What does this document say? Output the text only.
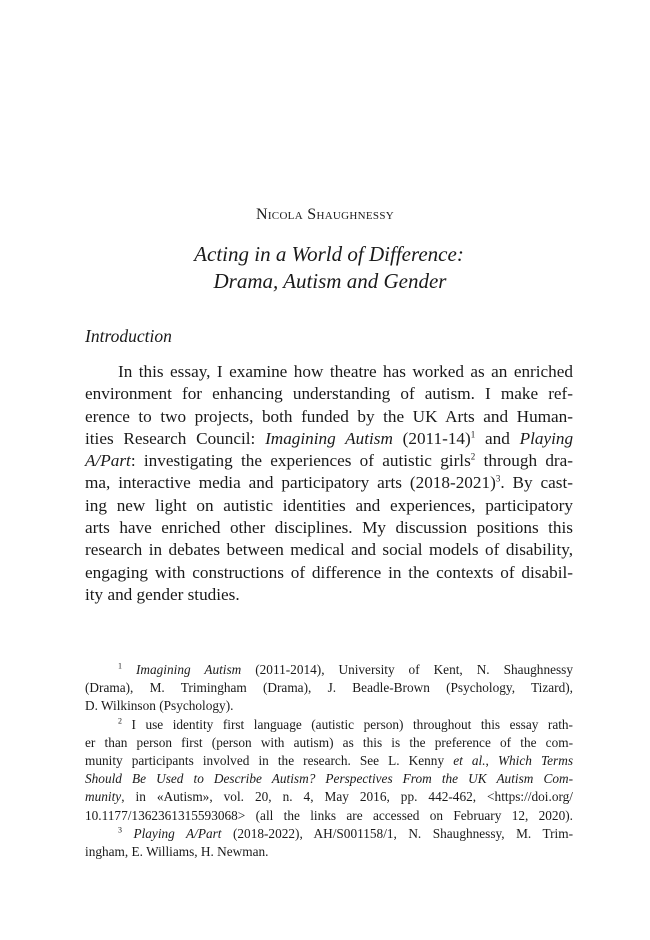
Nicola Shaughnessy
Acting in a World of Difference:
Drama, Autism and Gender
Introduction
In this essay, I examine how theatre has worked as an enriched
environment for enhancing understanding of autism. I make ref-
erence to two projects, both funded by the UK Arts and Human-
ities Research Council: Imagining Autism (2011-14)$^1$ and Playing
A/Part: investigating the experiences of autistic girls$^2$ through dra-
ma, interactive media and participatory arts (2018-2021)$^3$. By cast-
ing new light on autistic identities and experiences, participatory
arts have enriched other disciplines. My discussion positions this
research in debates between medical and social models of disability,
engaging with constructions of difference in the contexts of disabil-
ity and gender studies.
$^1$ Imagining Autism (2011-2014), University of Kent, N. Shaughnessy
(Drama), M. Trimingham (Drama), J. Beadle-Brown (Psychology, Tizard),
D. Wilkinson (Psychology).
$^2$ I use identity first language (autistic person) throughout this essay rath-
er than person first (person with autism) as this is the preference of the com-
munity participants involved in the research. See L. Kenny et al., Which Terms
Should Be Used to Describe Autism? Perspectives From the UK Autism Com-
munity, in «Autism», vol. 20, n. 4, May 2016, pp. 442-462, <https://doi.org/
10.1177/1362361315593068> (all the links are accessed on February 12, 2020).
$^3$ Playing A/Part (2018-2022), AH/S001158/1, N. Shaughnessy, M. Trim-
ingham, E. Williams, H. Newman.
